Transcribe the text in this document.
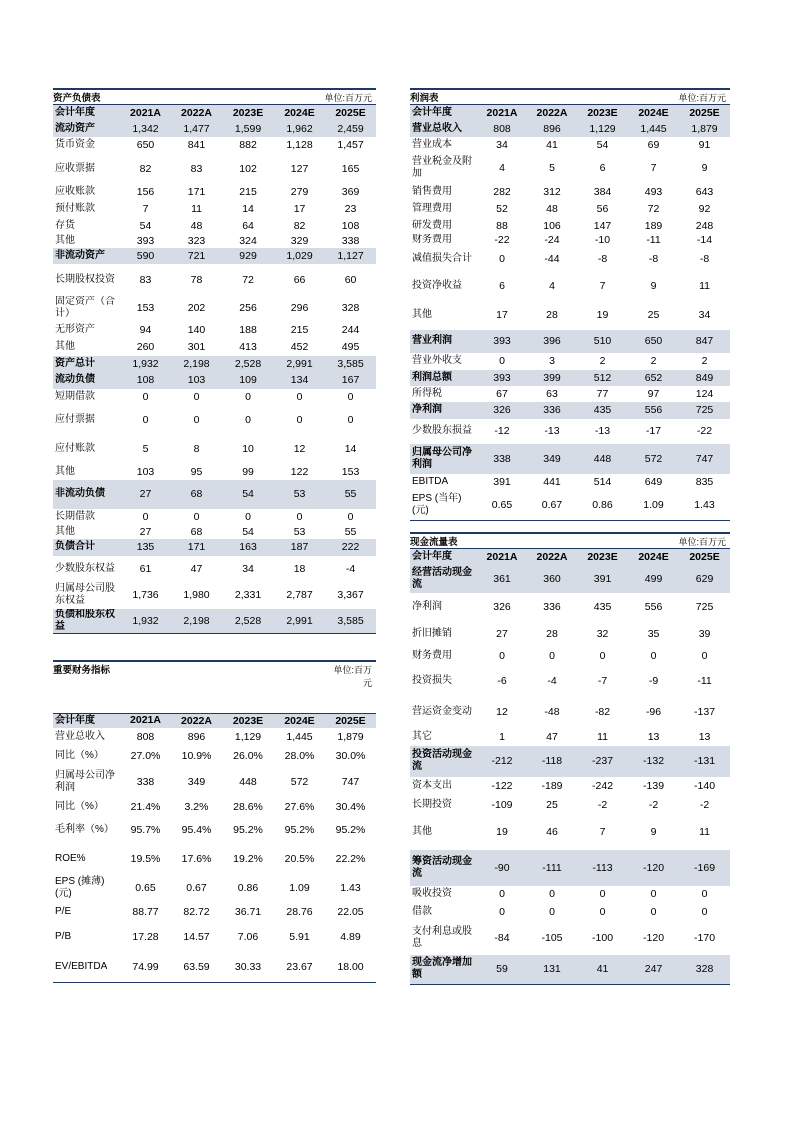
资产负债表			单位:百万元		
会计年度	2021A	2022A	2023E	2024E	2025E
流动资产	1,342	1,477	1,599	1,962	2,459
货币资金	650	841	882	1,128	1,457
应收票据	82	83	102	127	165
应收账款	156	171	215	279	369
预付账款	7	11	14	17	23
存货	54	48	64	82	108
其他	393	323	324	329	338
非流动资产	590	721	929	1,029	1,127
长期股权投资	83	78	72	66	60
固定资产（合计）	153	202	256	296	328
无形资产	94	140	188	215	244
其他	260	301	413	452	495
资产总计	1,932	2,198	2,528	2,991	3,585
流动负债	108	103	109	134	167
短期借款	0	0	0	0	0
应付票据	0	0	0	0	0
应付账款	5	8	10	12	14
其他	103	95	99	122	153
非流动负债	27	68	54	53	55
长期借款	0	0	0	0	0
其他	27	68	54	53	55
负债合计	135	171	163	187	222
少数股东权益	61	47	34	18	-4
归属母公司股东权益	1,736	1,980	2,331	2,787	3,367
负债和股东权益	1,932	2,198	2,528	2,991	3,585
重要财务指标			单位:百万元		

会计年度	2021A	2022A	2023E	2024E	2025E
营业总收入	808	896	1,129	1,445	1,879
同比（%）	27.0%	10.9%	26.0%	28.0%	30.0%
归属母公司净利润	338	349	448	572	747
同比（%）	21.4%	3.2%	28.6%	27.6%	30.4%
毛利率（%）	95.7%	95.4%	95.2%	95.2%	95.2%
ROE%	19.5%	17.6%	19.2%	20.5%	22.2%
EPS (摊薄)(元)	0.65	0.67	0.86	1.09	1.43
P/E	88.77	82.72	36.71	28.76	22.05
P/B	17.28	14.57	7.06	5.91	4.89
EV/EBITDA	74.99	63.59	30.33	23.67	18.00
利润表			单位:百万元		
会计年度	2021A	2022A	2023E	2024E	2025E
营业总收入	808	896	1,129	1,445	1,879
营业成本	34	41	54	69	91
营业税金及附加	4	5	6	7	9
销售费用	282	312	384	493	643
管理费用	52	48	56	72	92
研发费用	88	106	147	189	248
财务费用	-22	-24	-10	-11	-14
减值损失合计	0	-44	-8	-8	-8
投资净收益	6	4	7	9	11
其他	17	28	19	25	34
营业利润	393	396	510	650	847
营业外收支	0	3	2	2	2
利润总额	393	399	512	652	849
所得税	67	63	77	97	124
净利润	326	336	435	556	725
少数股东损益	-12	-13	-13	-17	-22
归属母公司净利润	338	349	448	572	747
EBITDA	391	441	514	649	835
EPS (当年)(元)	0.65	0.67	0.86	1.09	1.43
现金流量表			单位:百万元		
会计年度	2021A	2022A	2023E	2024E	2025E
经营活动现金流	361	360	391	499	629
净利润	326	336	435	556	725
折旧摊销	27	28	32	35	39
财务费用	0	0	0	0	0
投资损失	-6	-4	-7	-9	-11
营运资金变动	12	-48	-82	-96	-137
其它	1	47	11	13	13
投资活动现金流	-212	-118	-237	-132	-131
资本支出	-122	-189	-242	-139	-140
长期投资	-109	25	-2	-2	-2
其他	19	46	7	9	11
筹资活动现金流	-90	-111	-113	-120	-169
吸收投资	0	0	0	0	0
借款	0	0	0	0	0
支付利息或股息	-84	-105	-100	-120	-170
现金流净增加额	59	131	41	247	328
